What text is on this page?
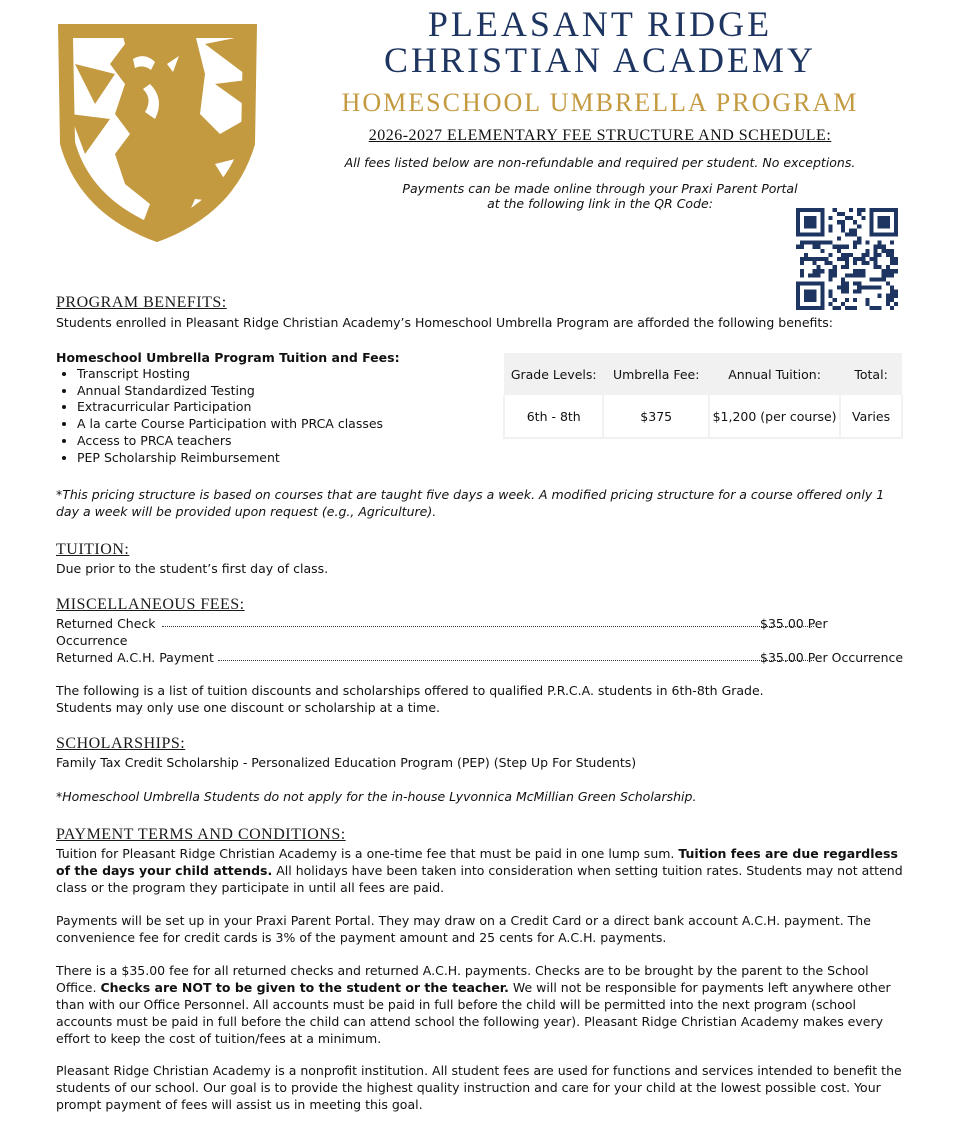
PLEASANT RIDGE
CHRISTIAN ACADEMY
HOMESCHOOL UMBRELLA PROGRAM
2026-2027 ELEMENTARY FEE STRUCTURE AND SCHEDULE:
All fees listed below are non-refundable and required per student. No exceptions.
Payments can be made online through your Praxi Parent Portal
at the following link in the QR Code:
PROGRAM BENEFITS:
Students enrolled in Pleasant Ridge Christian Academy’s Homeschool Umbrella Program are afforded the following benefits:
Homeschool Umbrella Program Tuition and Fees:
• Transcript Hosting
• Annual Standardized Testing
• Extracurricular Participation
• A la carte Course Participation with PRCA classes
• Access to PRCA teachers
• PEP Scholarship Reimbursement
Grade Levels:	Umbrella Fee:	Annual Tuition:	Total:
6th - 8th	$375	$1,200 (per course)	Varies
*This pricing structure is based on courses that are taught five days a week. A modified pricing structure for a course offered only 1 day a week will be provided upon request (e.g., Agriculture).
TUITION:
Due prior to the student’s first day of class.
MISCELLANEOUS FEES:
Returned Check	$35.00 Per
Occurrence
Returned A.C.H. Payment	$35.00 Per Occurrence
The following is a list of tuition discounts and scholarships offered to qualified P.R.C.A. students in 6th-8th Grade.
Students may only use one discount or scholarship at a time.
SCHOLARSHIPS:
Family Tax Credit Scholarship - Personalized Education Program (PEP) (Step Up For Students)
*Homeschool Umbrella Students do not apply for the in-house Lyvonnica McMillian Green Scholarship.
PAYMENT TERMS AND CONDITIONS:
Tuition for Pleasant Ridge Christian Academy is a one-time fee that must be paid in one lump sum. Tuition fees are due regardless of the days your child attends. All holidays have been taken into consideration when setting tuition rates. Students may not attend class or the program they participate in until all fees are paid.
Payments will be set up in your Praxi Parent Portal. They may draw on a Credit Card or a direct bank account A.C.H. payment. The convenience fee for credit cards is 3% of the payment amount and 25 cents for A.C.H. payments.
There is a $35.00 fee for all returned checks and returned A.C.H. payments. Checks are to be brought by the parent to the School Office. Checks are NOT to be given to the student or the teacher. We will not be responsible for payments left anywhere other than with our Office Personnel. All accounts must be paid in full before the child will be permitted into the next program (school accounts must be paid in full before the child can attend school the following year). Pleasant Ridge Christian Academy makes every effort to keep the cost of tuition/fees at a minimum.
Pleasant Ridge Christian Academy is a nonprofit institution. All student fees are used for functions and services intended to benefit the students of our school. Our goal is to provide the highest quality instruction and care for your child at the lowest possible cost. Your prompt payment of fees will assist us in meeting this goal.
